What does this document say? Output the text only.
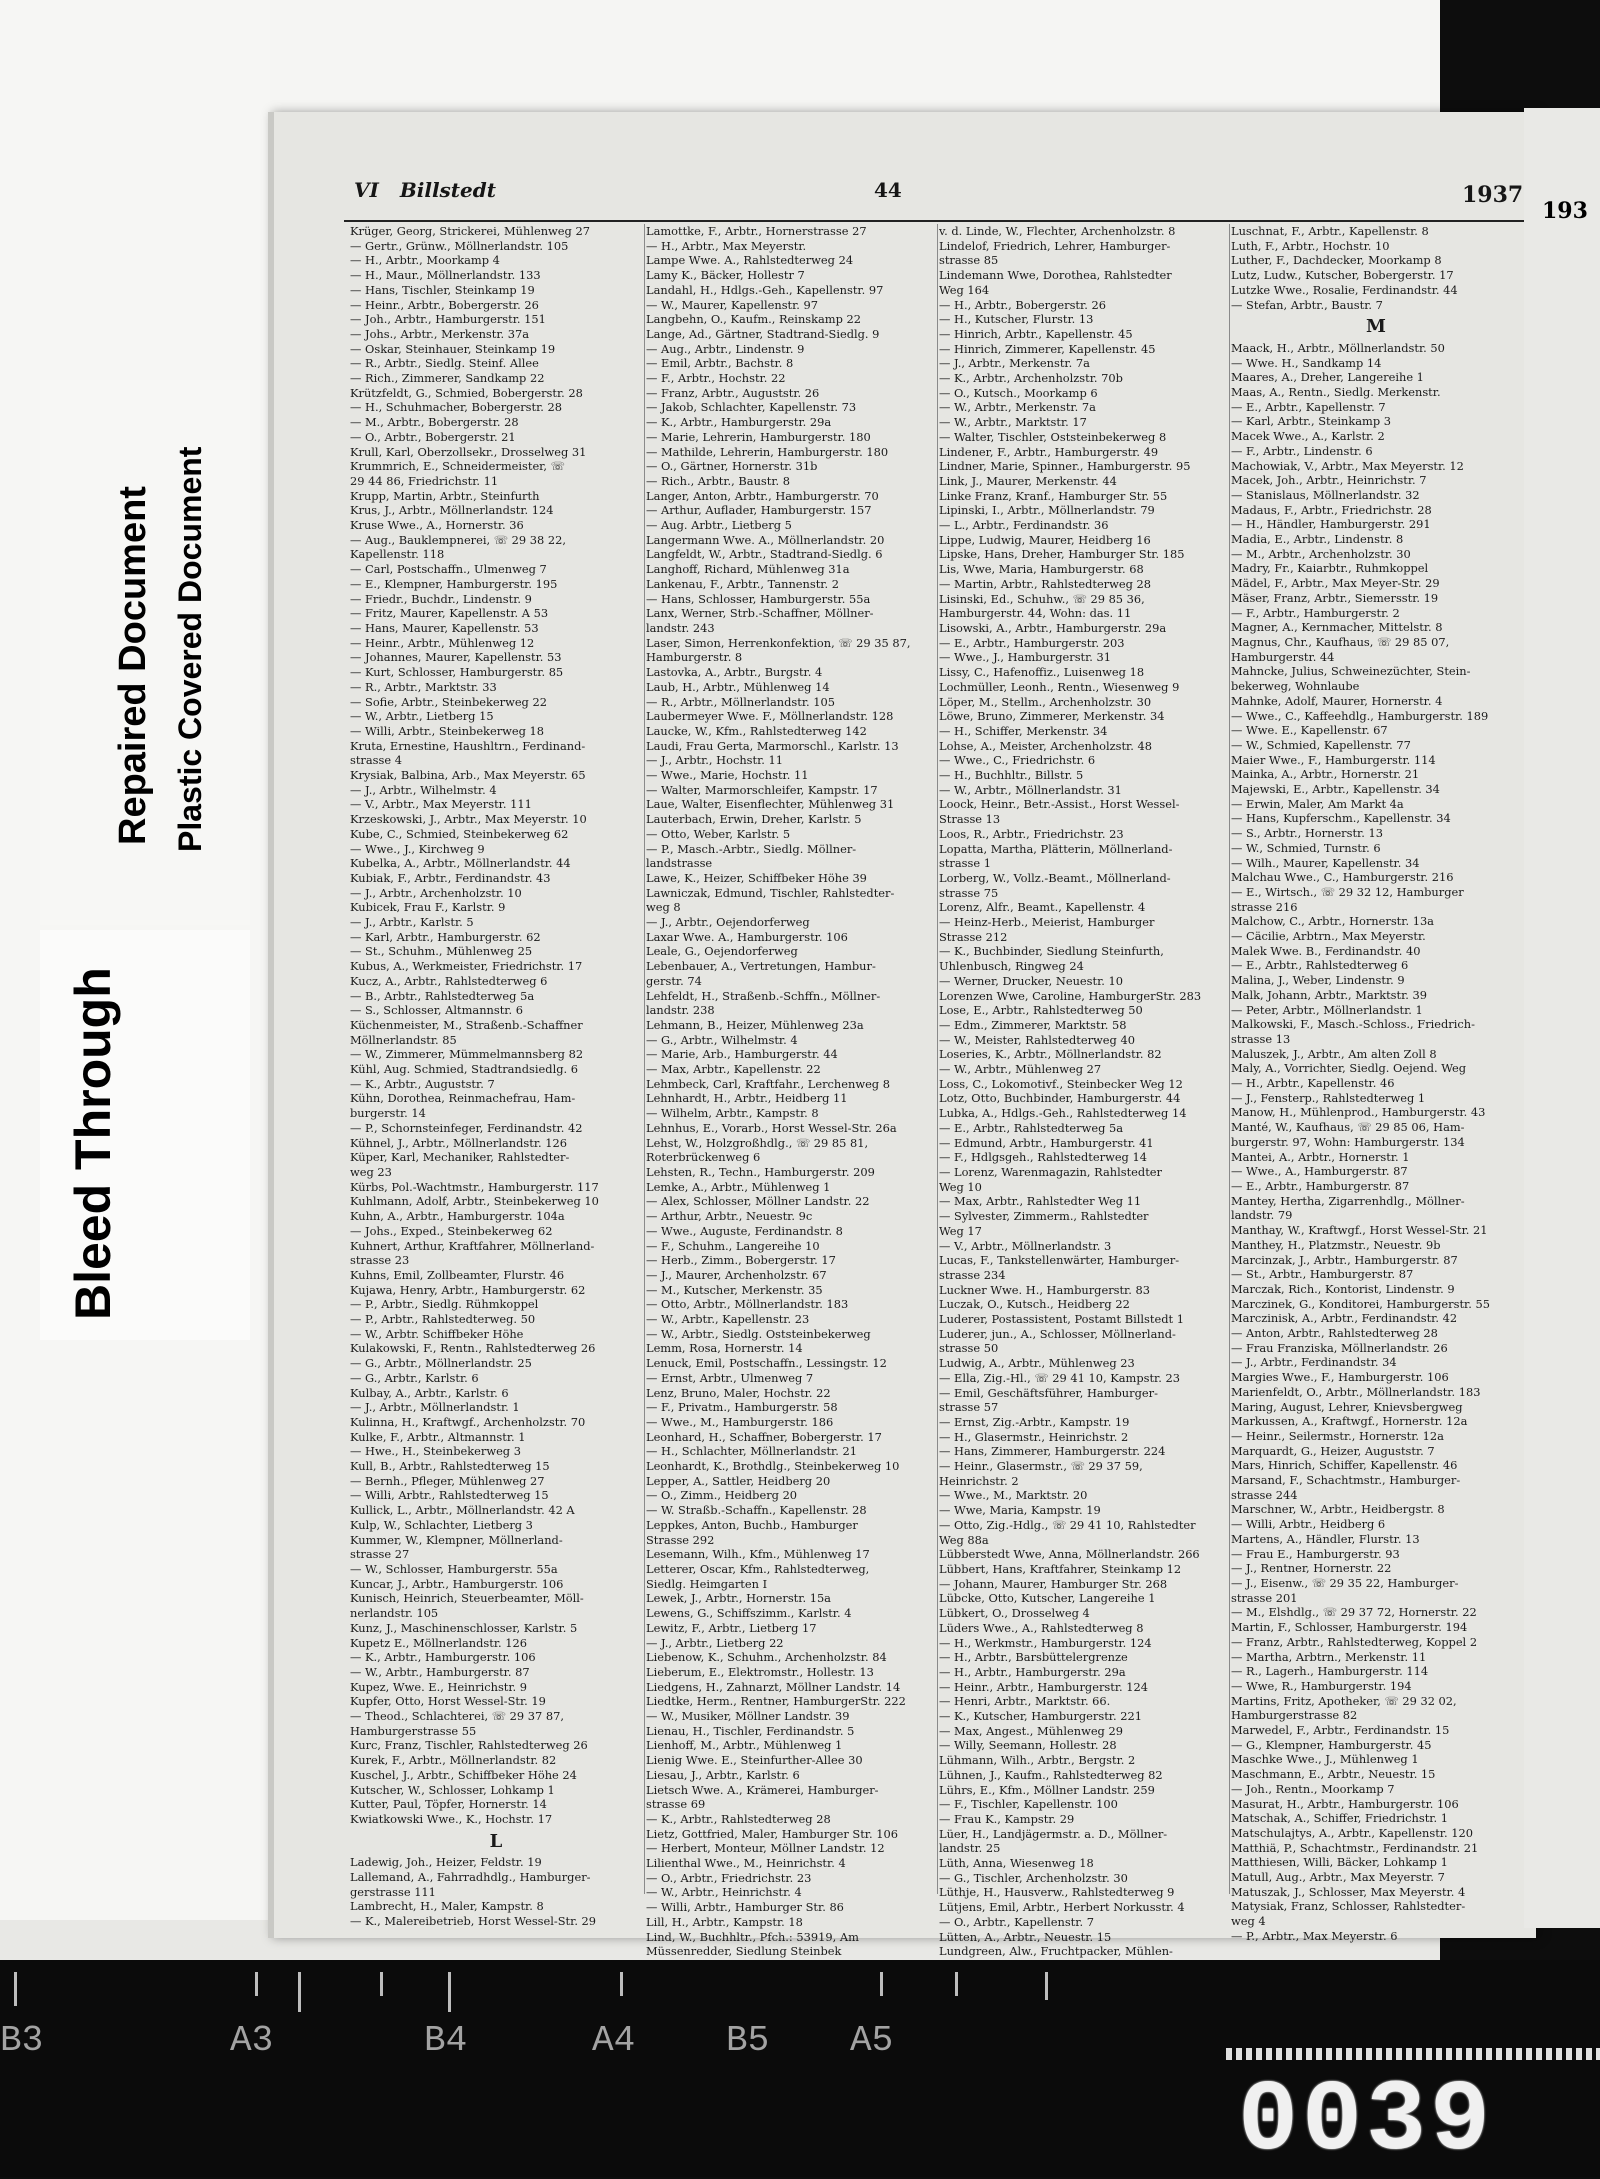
Bleed Through
Repaired Document Plastic Covered Document
VI Billstedt	44	1937
Krüger, Georg, Strickerei, Mühlenweg 27
— Gertr., Grünw., Möllnerlandstr. 105
— H., Arbtr., Moorkamp 4
— H., Maur., Möllnerlandstr. 133
— Hans, Tischler, Steinkamp 19
— Heinr., Arbtr., Bobergerstr. 26
— Joh., Arbtr., Hamburgerstr. 151
— Johs., Arbtr., Merkenstr. 37a
— Oskar, Steinhauer, Steinkamp 19
— R., Arbtr., Siedlg. Steinf. Allee
— Rich., Zimmerer, Sandkamp 22
Krützfeldt, G., Schmied, Bobergerstr. 28
— H., Schuhmacher, Bobergerstr. 28
— M., Arbtr., Bobergerstr. 28
— O., Arbtr., Bobergerstr. 21
Krull, Karl, Oberzollsekr., Drosselweg 31
Krummrich, E., Schneidermeister, ☏
29 44 86, Friedrichstr. 11
Krupp, Martin, Arbtr., Steinfurth
Krus, J., Arbtr., Möllnerlandstr. 124
Kruse Wwe., A., Hornerstr. 36
— Aug., Bauklempnerei, ☏ 29 38 22,
Kapellenstr. 118
— Carl, Postschaffn., Ulmenweg 7
— E., Klempner, Hamburgerstr. 195
— Friedr., Buchdr., Lindenstr. 9
— Fritz, Maurer, Kapellenstr. A 53
— Hans, Maurer, Kapellenstr. 53
— Heinr., Arbtr., Mühlenweg 12
— Johannes, Maurer, Kapellenstr. 53
— Kurt, Schlosser, Hamburgerstr. 85
— R., Arbtr., Marktstr. 33
— Sofie, Arbtr., Steinbekerweg 22
— W., Arbtr., Lietberg 15
— Willi, Arbtr., Steinbekerweg 18
Kruta, Ernestine, Haushltrn., Ferdinand-
strasse 4
Krysiak, Balbina, Arb., Max Meyerstr. 65
— J., Arbtr., Wilhelmstr. 4
— V., Arbtr., Max Meyerstr. 111
Krzeskowski, J., Arbtr., Max Meyerstr. 10
Kube, C., Schmied, Steinbekerweg 62
— Wwe., J., Kirchweg 9
Kubelka, A., Arbtr., Möllnerlandstr. 44
Kubiak, F., Arbtr., Ferdinandstr. 43
— J., Arbtr., Archenholzstr. 10
Kubicek, Frau F., Karlstr. 9
— J., Arbtr., Karlstr. 5
— Karl, Arbtr., Hamburgerstr. 62
— St., Schuhm., Mühlenweg 25
Kubus, A., Werkmeister, Friedrichstr. 17
Kucz, A., Arbtr., Rahlstedterweg 6
— B., Arbtr., Rahlstedterweg 5a
— S., Schlosser, Altmannstr. 6
Küchenmeister, M., Straßenb.-Schaffner
Möllnerlandstr. 85
— W., Zimmerer, Mümmelmannsberg 82
Kühl, Aug. Schmied, Stadtrandsiedlg. 6
— K., Arbtr., Auguststr. 7
Kühn, Dorothea, Reinmachefrau, Ham-
burgerstr. 14
— P., Schornsteinfeger, Ferdinandstr. 42
Kühnel, J., Arbtr., Möllnerlandstr. 126
Küper, Karl, Mechaniker, Rahlstedter-
weg 23
Kürbs, Pol.-Wachtmstr., Hamburgerstr. 117
Kuhlmann, Adolf, Arbtr., Steinbekerweg 10
Kuhn, A., Arbtr., Hamburgerstr. 104a
— Johs., Exped., Steinbekerweg 62
Kuhnert, Arthur, Kraftfahrer, Möllnerland-
strasse 23
Kuhns, Emil, Zollbeamter, Flurstr. 46
Kujawa, Henry, Arbtr., Hamburgerstr. 62
— P., Arbtr., Siedlg. Rühmkoppel
— P., Arbtr., Rahlstedterweg. 50
— W., Arbtr. Schiffbeker Höhe
Kulakowski, F., Rentn., Rahlstedterweg 26
— G., Arbtr., Möllnerlandstr. 25
— G., Arbtr., Karlstr. 6
Kulbay, A., Arbtr., Karlstr. 6
— J., Arbtr., Möllnerlandstr. 1
Kulinna, H., Kraftwgf., Archenholzstr. 70
Kulke, F., Arbtr., Altmannstr. 1
— Hwe., H., Steinbekerweg 3
Kull, B., Arbtr., Rahlstedterweg 15
— Bernh., Pfleger, Mühlenweg 27
— Willi, Arbtr., Rahlstedterweg 15
Kullick, L., Arbtr., Möllnerlandstr. 42 A
Kulp, W., Schlachter, Lietberg 3
Kummer, W., Klempner, Möllnerland-
strasse 27
— W., Schlosser, Hamburgerstr. 55a
Kuncar, J., Arbtr., Hamburgerstr. 106
Kunisch, Heinrich, Steuerbeamter, Möll-
nerlandstr. 105
Kunz, J., Maschinenschlosser, Karlstr. 5
Kupetz E., Möllnerlandstr. 126
— K., Arbtr., Hamburgerstr. 106
— W., Arbtr., Hamburgerstr. 87
Kupez, Wwe. E., Heinrichstr. 9
Kupfer, Otto, Horst Wessel-Str. 19
— Theod., Schlachterei, ☏ 29 37 87,
Hamburgerstrasse 55
Kurc, Franz, Tischler, Rahlstedterweg 26
Kurek, F., Arbtr., Möllnerlandstr. 82
Kuschel, J., Arbtr., Schiffbeker Höhe 24
Kutscher, W., Schlosser, Lohkamp 1
Kutter, Paul, Töpfer, Hornerstr. 14
Kwiatkowski Wwe., K., Hochstr. 17
L
Ladewig, Joh., Heizer, Feldstr. 19
Lallemand, A., Fahrradhdlg., Hamburger-
gerstrasse 111
Lambrecht, H., Maler, Kampstr. 8
— K., Malereibetrieb, Horst Wessel-Str. 29
Lamottke, F., Arbtr., Hornerstrasse 27
— H., Arbtr., Max Meyerstr.
Lampe Wwe. A., Rahlstedterweg 24
Lamy K., Bäcker, Hollestr 7
Landahl, H., Hdlgs.-Geh., Kapellenstr. 97
— W., Maurer, Kapellenstr. 97
Langbehn, O., Kaufm., Reinskamp 22
Lange, Ad., Gärtner, Stadtrand-Siedlg. 9
— Aug., Arbtr., Lindenstr. 9
— Emil, Arbtr., Bachstr. 8
— F., Arbtr., Hochstr. 22
— Franz, Arbtr., Auguststr. 26
— Jakob, Schlachter, Kapellenstr. 73
— K., Arbtr., Hamburgerstr. 29a
— Marie, Lehrerin, Hamburgerstr. 180
— Mathilde, Lehrerin, Hamburgerstr. 180
— O., Gärtner, Hornerstr. 31b
— Rich., Arbtr., Baustr. 8
Langer, Anton, Arbtr., Hamburgerstr. 70
— Arthur, Auflader, Hamburgerstr. 157
— Aug. Arbtr., Lietberg 5
Langermann Wwe. A., Möllnerlandstr. 20
Langfeldt, W., Arbtr., Stadtrand-Siedlg. 6
Langhoff, Richard, Mühlenweg 31a
Lankenau, F., Arbtr., Tannenstr. 2
— Hans, Schlosser, Hamburgerstr. 55a
Lanx, Werner, Strb.-Schaffner, Möllner-
landstr. 243
Laser, Simon, Herrenkonfektion, ☏ 29 35 87,
Hamburgerstr. 8
Lastovka, A., Arbtr., Burgstr. 4
Laub, H., Arbtr., Mühlenweg 14
— R., Arbtr., Möllnerlandstr. 105
Laubermeyer Wwe. F., Möllnerlandstr. 128
Laucke, W., Kfm., Rahlstedterweg 142
Laudi, Frau Gerta, Marmorschl., Karlstr. 13
— J., Arbtr., Hochstr. 11
— Wwe., Marie, Hochstr. 11
— Walter, Marmorschleifer, Kampstr. 17
Laue, Walter, Eisenflechter, Mühlenweg 31
Lauterbach, Erwin, Dreher, Karlstr. 5
— Otto, Weber, Karlstr. 5
— P., Masch.-Arbtr., Siedlg. Möllner-
landstrasse
Lawe, K., Heizer, Schiffbeker Höhe 39
Lawniczak, Edmund, Tischler, Rahlstedter-
weg 8
— J., Arbtr., Oejendorferweg
Laxar Wwe. A., Hamburgerstr. 106
Leale, G., Oejendorferweg
Lebenbauer, A., Vertretungen, Hambur-
gerstr. 74
Lehfeldt, H., Straßenb.-Schffn., Möllner-
landstr. 238
Lehmann, B., Heizer, Mühlenweg 23a
— G., Arbtr., Wilhelmstr. 4
— Marie, Arb., Hamburgerstr. 44
— Max, Arbtr., Kapellenstr. 22
Lehmbeck, Carl, Kraftfahr., Lerchenweg 8
Lehnhardt, H., Arbtr., Heidberg 11
— Wilhelm, Arbtr., Kampstr. 8
Lehnhus, E., Vorarb., Horst Wessel-Str. 26a
Lehst, W., Holzgroßhdlg., ☏ 29 85 81,
Roterbrückenweg 6
Lehsten, R., Techn., Hamburgerstr. 209
Lemke, A., Arbtr., Mühlenweg 1
— Alex, Schlosser, Möllner Landstr. 22
— Arthur, Arbtr., Neuestr. 9c
— Wwe., Auguste, Ferdinandstr. 8
— F., Schuhm., Langereihe 10
— Herb., Zimm., Bobergerstr. 17
— J., Maurer, Archenholzstr. 67
— M., Kutscher, Merkenstr. 35
— Otto, Arbtr., Möllnerlandstr. 183
— W., Arbtr., Kapellenstr. 23
— W., Arbtr., Siedlg. Oststeinbekerweg
Lemm, Rosa, Hornerstr. 14
Lenuck, Emil, Postschaffn., Lessingstr. 12
— Ernst, Arbtr., Ulmenweg 7
Lenz, Bruno, Maler, Hochstr. 22
— F., Privatm., Hamburgerstr. 58
— Wwe., M., Hamburgerstr. 186
Leonhard, H., Schaffner, Bobergerstr. 17
— H., Schlachter, Möllnerlandstr. 21
Leonhardt, K., Brothdlg., Steinbekerweg 10
Lepper, A., Sattler, Heidberg 20
— O., Zimm., Heidberg 20
— W. Straßb.-Schaffn., Kapellenstr. 28
Leppkes, Anton, Buchb., Hamburger
Strasse 292
Lesemann, Wilh., Kfm., Mühlenweg 17
Letterer, Oscar, Kfm., Rahlstedterweg,
Siedlg. Heimgarten I
Lewek, J., Arbtr., Hornerstr. 15a
Lewens, G., Schiffszimm., Karlstr. 4
Lewitz, F., Arbtr., Lietberg 17
— J., Arbtr., Lietberg 22
Liebenow, K., Schuhm., Archenholzstr. 84
Lieberum, E., Elektromstr., Hollestr. 13
Liedgens, H., Zahnarzt, Möllner Landstr. 14
Liedtke, Herm., Rentner, HamburgerStr. 222
— W., Musiker, Möllner Landstr. 39
Lienau, H., Tischler, Ferdinandstr. 5
Lienhoff, M., Arbtr., Mühlenweg 1
Lienig Wwe. E., Steinfurther-Allee 30
Liesau, J., Arbtr., Karlstr. 6
Lietsch Wwe. A., Krämerei, Hamburger-
strasse 69
— K., Arbtr., Rahlstedterweg 28
Lietz, Gottfried, Maler, Hamburger Str. 106
— Herbert, Monteur, Möllner Landstr. 12
Lilienthal Wwe., M., Heinrichstr. 4
— O., Arbtr., Friedrichstr. 23
— W., Arbtr., Heinrichstr. 4
— Willi, Arbtr., Hamburger Str. 86
Lill, H., Arbtr., Kampstr. 18
Lind, W., Buchhltr., Pfch.: 53919, Am
Müssenredder, Siedlung Steinbek
v. d. Linde, W., Flechter, Archenholzstr. 8
Lindelof, Friedrich, Lehrer, Hamburger-
strasse 85
Lindemann Wwe, Dorothea, Rahlstedter
Weg 164
— H., Arbtr., Bobergerstr. 26
— H., Kutscher, Flurstr. 13
— Hinrich, Arbtr., Kapellenstr. 45
— Hinrich, Zimmerer, Kapellenstr. 45
— J., Arbtr., Merkenstr. 7a
— K., Arbtr., Archenholzstr. 70b
— O., Kutsch., Moorkamp 6
— W., Arbtr., Merkenstr. 7a
— W., Arbtr., Marktstr. 17
— Walter, Tischler, Oststeinbekerweg 8
Lindener, F., Arbtr., Hamburgerstr. 49
Lindner, Marie, Spinner., Hamburgerstr. 95
Link, J., Maurer, Merkenstr. 44
Linke Franz, Kranf., Hamburger Str. 55
Lipinski, I., Arbtr., Möllnerlandstr. 79
— L., Arbtr., Ferdinandstr. 36
Lippe, Ludwig, Maurer, Heidberg 16
Lipske, Hans, Dreher, Hamburger Str. 185
Lis, Wwe, Maria, Hamburgerstr. 68
— Martin, Arbtr., Rahlstedterweg 28
Lisinski, Ed., Schuhw., ☏ 29 85 36,
Hamburgerstr. 44, Wohn: das. 11
Lisowski, A., Arbtr., Hamburgerstr. 29a
— E., Arbtr., Hamburgerstr. 203
— Wwe., J., Hamburgerstr. 31
Lissy, C., Hafenoffiz., Luisenweg 18
Lochmüller, Leonh., Rentn., Wiesenweg 9
Löper, M., Stellm., Archenholzstr. 30
Löwe, Bruno, Zimmerer, Merkenstr. 34
— H., Schiffer, Merkenstr. 34
Lohse, A., Meister, Archenholzstr. 48
— Wwe., C., Friedrichstr. 6
— H., Buchhltr., Billstr. 5
— W., Arbtr., Möllnerlandstr. 31
Loock, Heinr., Betr.-Assist., Horst Wessel-
Strasse 13
Loos, R., Arbtr., Friedrichstr. 23
Lopatta, Martha, Plätterin, Möllnerland-
strasse 1
Lorberg, W., Vollz.-Beamt., Möllnerland-
strasse 75
Lorenz, Alfr., Beamt., Kapellenstr. 4
— Heinz-Herb., Meierist, Hamburger
Strasse 212
— K., Buchbinder, Siedlung Steinfurth,
Uhlenbusch, Ringweg 24
— Werner, Drucker, Neuestr. 10
Lorenzen Wwe, Caroline, HamburgerStr. 283
Lose, E., Arbtr., Rahlstedterweg 50
— Edm., Zimmerer, Marktstr. 58
— W., Meister, Rahlstedterweg 40
Loseries, K., Arbtr., Möllnerlandstr. 82
— W., Arbtr., Mühlenweg 27
Loss, C., Lokomotivf., Steinbecker Weg 12
Lotz, Otto, Buchbinder, Hamburgerstr. 44
Lubka, A., Hdlgs.-Geh., Rahlstedterweg 14
— E., Arbtr., Rahlstedterweg 5a
— Edmund, Arbtr., Hamburgerstr. 41
— F., Hdlgsgeh., Rahlstedterweg 14
— Lorenz, Warenmagazin, Rahlstedter
Weg 10
— Max, Arbtr., Rahlstedter Weg 11
— Sylvester, Zimmerm., Rahlstedter
Weg 17
— V., Arbtr., Möllnerlandstr. 3
Lucas, F., Tankstellenwärter, Hamburger-
strasse 234
Luckner Wwe. H., Hamburgerstr. 83
Luczak, O., Kutsch., Heidberg 22
Luderer, Postassistent, Postamt Billstedt 1
Luderer, jun., A., Schlosser, Möllnerland-
strasse 50
Ludwig, A., Arbtr., Mühlenweg 23
— Ella, Zig.-Hl., ☏ 29 41 10, Kampstr. 23
— Emil, Geschäftsführer, Hamburger-
strasse 57
— Ernst, Zig.-Arbtr., Kampstr. 19
— H., Glasermstr., Heinrichstr. 2
— Hans, Zimmerer, Hamburgerstr. 224
— Heinr., Glasermstr., ☏ 29 37 59,
Heinrichstr. 2
— Wwe., M., Marktstr. 20
— Wwe, Maria, Kampstr. 19
— Otto, Zig.-Hdlg., ☏ 29 41 10, Rahlstedter
Weg 88a
Lübberstedt Wwe, Anna, Möllnerlandstr. 266
Lübbert, Hans, Kraftfahrer, Steinkamp 12
— Johann, Maurer, Hamburger Str. 268
Lübcke, Otto, Kutscher, Langereihe 1
Lübkert, O., Drosselweg 4
Lüders Wwe., A., Rahlstedterweg 8
— H., Werkmstr., Hamburgerstr. 124
— H., Arbtr., Barsbüttelergrenze
— H., Arbtr., Hamburgerstr. 29a
— Heinr., Arbtr., Hamburgerstr. 124
— Henri, Arbtr., Marktstr. 66.
— K., Kutscher, Hamburgerstr. 221
— Max, Angest., Mühlenweg 29
— Willy, Seemann, Hollestr. 28
Lühmann, Wilh., Arbtr., Bergstr. 2
Lühnen, J., Kaufm., Rahlstedterweg 82
Lührs, E., Kfm., Möllner Landstr. 259
— F., Tischler, Kapellenstr. 100
— Frau K., Kampstr. 29
Lüer, H., Landjägermstr. a. D., Möllner-
landstr. 25
Lüth, Anna, Wiesenweg 18
— G., Tischler, Archenholzstr. 30
Lüthje, H., Hausverw., Rahlstedterweg 9
Lütjens, Emil, Arbtr., Herbert Norkusstr. 4
— O., Arbtr., Kapellenstr. 7
Lütten, A., Arbtr., Neuestr. 15
Lundgreen, Alw., Fruchtpacker, Mühlen-
Luschnat, F., Arbtr., Kapellenstr. 8
Luth, F., Arbtr., Hochstr. 10
Luther, F., Dachdecker, Moorkamp 8
Lutz, Ludw., Kutscher, Bobergerstr. 17
Lutzke Wwe., Rosalie, Ferdinandstr. 44
— Stefan, Arbtr., Baustr. 7
M
Maack, H., Arbtr., Möllnerlandstr. 50
— Wwe. H., Sandkamp 14
Maares, A., Dreher, Langereihe 1
Maas, A., Rentn., Siedlg. Merkenstr.
— E., Arbtr., Kapellenstr. 7
— Karl, Arbtr., Steinkamp 3
Macek Wwe., A., Karlstr. 2
— F., Arbtr., Lindenstr. 6
Machowiak, V., Arbtr., Max Meyerstr. 12
Macek, Joh., Arbtr., Heinrichstr. 7
— Stanislaus, Möllnerlandstr. 32
Madaus, F., Arbtr., Friedrichstr. 28
— H., Händler, Hamburgerstr. 291
Madia, E., Arbtr., Lindenstr. 8
— M., Arbtr., Archenholzstr. 30
Madry, Fr., Kaiarbtr., Ruhmkoppel
Mädel, F., Arbtr., Max Meyer-Str. 29
Mäser, Franz, Arbtr., Siemersstr. 19
— F., Arbtr., Hamburgerstr. 2
Magner, A., Kernmacher, Mittelstr. 8
Magnus, Chr., Kaufhaus, ☏ 29 85 07,
Hamburgerstr. 44
Mahncke, Julius, Schweinezüchter, Stein-
bekerweg, Wohnlaube
Mahnke, Adolf, Maurer, Hornerstr. 4
— Wwe., C., Kaffeehdlg., Hamburgerstr. 189
— Wwe. E., Kapellenstr. 67
— W., Schmied, Kapellenstr. 77
Maier Wwe., F., Hamburgerstr. 114
Mainka, A., Arbtr., Hornerstr. 21
Majewski, E., Arbtr., Kapellenstr. 34
— Erwin, Maler, Am Markt 4a
— Hans, Kupferschm., Kapellenstr. 34
— S., Arbtr., Hornerstr. 13
— W., Schmied, Turnstr. 6
— Wilh., Maurer, Kapellenstr. 34
Malchau Wwe., C., Hamburgerstr. 216
— E., Wirtsch., ☏ 29 32 12, Hamburger
strasse 216
Malchow, C., Arbtr., Hornerstr. 13a
— Cäcilie, Arbtrn., Max Meyerstr.
Malek Wwe. B., Ferdinandstr. 40
— E., Arbtr., Rahlstedterweg 6
Malina, J., Weber, Lindenstr. 9
Malk, Johann, Arbtr., Marktstr. 39
— Peter, Arbtr., Möllnerlandstr. 1
Malkowski, F., Masch.-Schloss., Friedrich-
strasse 13
Maluszek, J., Arbtr., Am alten Zoll 8
Maly, A., Vorrichter, Siedlg. Oejend. Weg
— H., Arbtr., Kapellenstr. 46
— J., Fensterp., Rahlstedterweg 1
Manow, H., Mühlenprod., Hamburgerstr. 43
Manté, W., Kaufhaus, ☏ 29 85 06, Ham-
burgerstr. 97, Wohn: Hamburgerstr. 134
Mantei, A., Arbtr., Hornerstr. 1
— Wwe., A., Hamburgerstr. 87
— E., Arbtr., Hamburgerstr. 87
Mantey, Hertha, Zigarrenhdlg., Möllner-
landstr. 79
Manthay, W., Kraftwgf., Horst Wessel-Str. 21
Manthey, H., Platzmstr., Neuestr. 9b
Marcinzak, J., Arbtr., Hamburgerstr. 87
— St., Arbtr., Hamburgerstr. 87
Marczak, Rich., Kontorist, Lindenstr. 9
Marczinek, G., Konditorei, Hamburgerstr. 55
Marczinisk, A., Arbtr., Ferdinandstr. 42
— Anton, Arbtr., Rahlstedterweg 28
— Frau Franziska, Möllnerlandstr. 26
— J., Arbtr., Ferdinandstr. 34
Margies Wwe., F., Hamburgerstr. 106
Marienfeldt, O., Arbtr., Möllnerlandstr. 183
Maring, August, Lehrer, Knievsbergweg
Markussen, A., Kraftwgf., Hornerstr. 12a
— Heinr., Seilermstr., Hornerstr. 12a
Marquardt, G., Heizer, Auguststr. 7
Mars, Hinrich, Schiffer, Kapellenstr. 46
Marsand, F., Schachtmstr., Hamburger-
strasse 244
Marschner, W., Arbtr., Heidbergstr. 8
— Willi, Arbtr., Heidberg 6
Martens, A., Händler, Flurstr. 13
— Frau E., Hamburgerstr. 93
— J., Rentner, Hornerstr. 22
— J., Eisenw., ☏ 29 35 22, Hamburger-
strasse 201
— M., Elshdlg., ☏ 29 37 72, Hornerstr. 22
Martin, F., Schlosser, Hamburgerstr. 194
— Franz, Arbtr., Rahlstedterweg, Koppel 2
— Martha, Arbtrn., Merkenstr. 11
— R., Lagerh., Hamburgerstr. 114
— Wwe, R., Hamburgerstr. 194
Martins, Fritz, Apotheker, ☏ 29 32 02,
Hamburgerstrasse 82
Marwedel, F., Arbtr., Ferdinandstr. 15
— G., Klempner, Hamburgerstr. 45
Maschke Wwe., J., Mühlenweg 1
Maschmann, E., Arbtr., Neuestr. 15
— Joh., Rentn., Moorkamp 7
Masurat, H., Arbtr., Hamburgerstr. 106
Matschak, A., Schiffer, Friedrichstr. 1
Matschulajtys, A., Arbtr., Kapellenstr. 120
Matthiä, P., Schachtmstr., Ferdinandstr. 21
Matthiesen, Willi, Bäcker, Lohkamp 1
Matull, Aug., Arbtr., Max Meyerstr. 7
Matuszak, J., Schlosser, Max Meyerstr. 4
Matysiak, Franz, Schlosser, Rahlstedter-
weg 4
— P., Arbtr., Max Meyerstr. 6
193
B3	A3	B4	A4	B5 A5
0039
